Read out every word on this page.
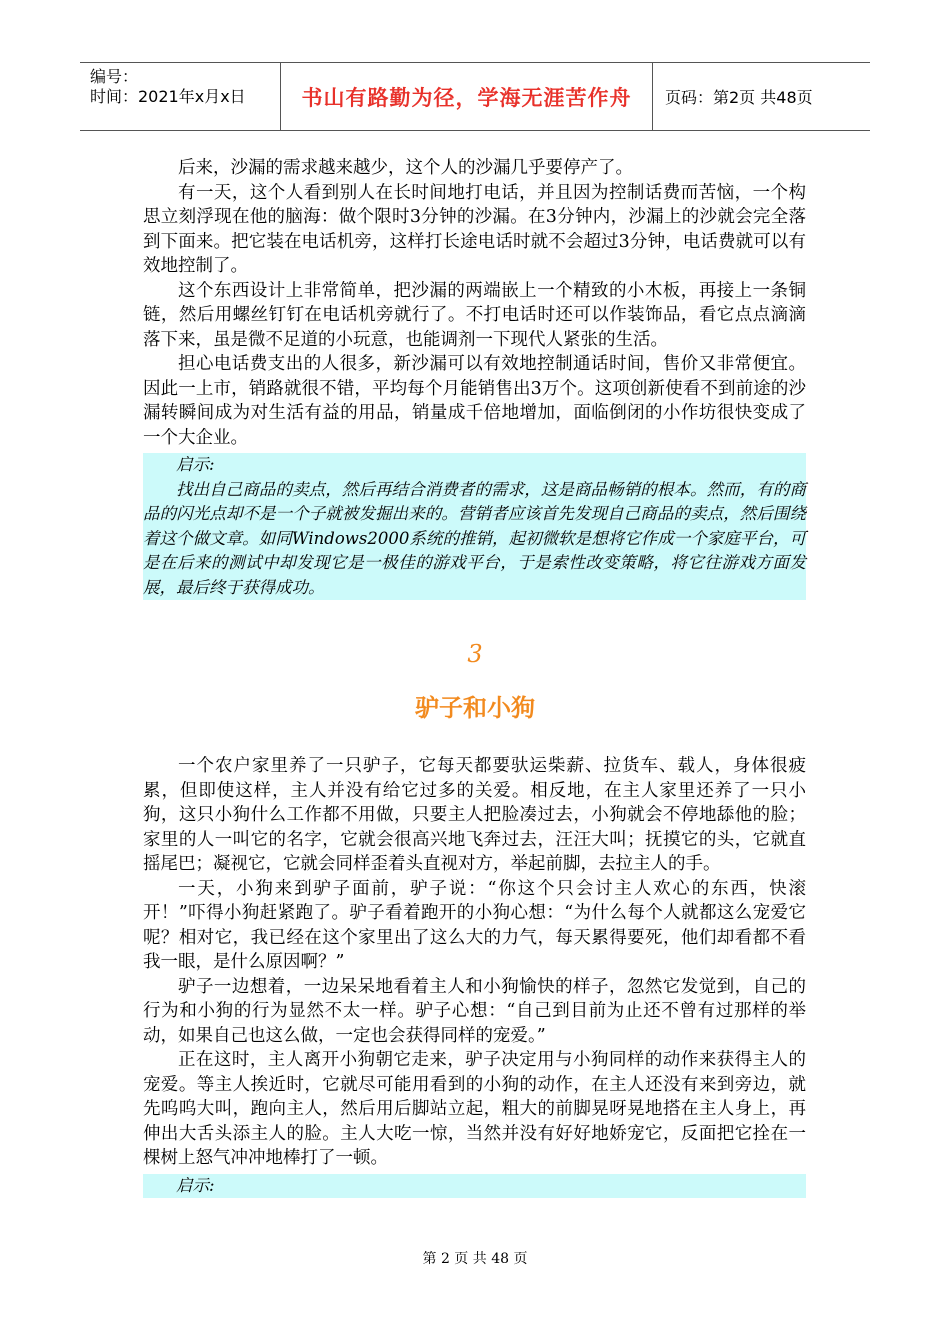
编号：
时间：2021年x月x日	书山有路勤为径，学海无涯苦作舟	页码：第2页 共48页

后来，沙漏的需求越来越少，这个人的沙漏几乎要停产了。

有一天，这个人看到别人在长时间地打电话，并且因为控制话费而苦恼，一个构思立刻浮现在他的脑海：做个限时3分钟的沙漏。在3分钟内，沙漏上的沙就会完全落到下面来。把它装在电话机旁，这样打长途电话时就不会超过3分钟，电话费就可以有效地控制了。

这个东西设计上非常简单，把沙漏的两端嵌上一个精致的小木板，再接上一条铜链，然后用螺丝钉钉在电话机旁就行了。不打电话时还可以作装饰品，看它点点滴滴落下来，虽是微不足道的小玩意，也能调剂一下现代人紧张的生活。

担心电话费支出的人很多，新沙漏可以有效地控制通话时间，售价又非常便宜。因此一上市，销路就很不错，平均每个月能销售出3万个。这项创新使看不到前途的沙漏转瞬间成为对生活有益的用品，销量成千倍地增加，面临倒闭的小作坊很快变成了一个大企业。

启示:

找出自己商品的卖点，然后再结合消费者的需求，这是商品畅销的根本。然而，有的商品的闪光点却不是一个子就被发掘出来的。营销者应该首先发现自己商品的卖点，然后围绕着这个做文章。如同Windows2000系统的推销，起初微软是想将它作成一个家庭平台，可是在后来的测试中却发现它是一极佳的游戏平台，于是索性改变策略，将它往游戏方面发展，最后终于获得成功。

3
驴子和小狗

一个农户家里养了一只驴子，它每天都要驮运柴薪、拉货车、载人，身体很疲累，但即使这样，主人并没有给它过多的关爱。相反地，在主人家里还养了一只小狗，这只小狗什么工作都不用做，只要主人把脸凑过去，小狗就会不停地舔他的脸；家里的人一叫它的名字，它就会很高兴地飞奔过去，汪汪大叫；抚摸它的头，它就直摇尾巴；凝视它，它就会同样歪着头直视对方，举起前脚，去拉主人的手。

一天，小狗来到驴子面前，驴子说：“你这个只会讨主人欢心的东西，快滚开！”吓得小狗赶紧跑了。驴子看着跑开的小狗心想：“为什么每个人就都这么宠爱它呢？相对它，我已经在这个家里出了这么大的力气，每天累得要死，他们却看都不看我一眼，是什么原因啊？”

驴子一边想着，一边呆呆地看着主人和小狗愉快的样子，忽然它发觉到，自己的行为和小狗的行为显然不太一样。驴子心想：“自己到目前为止还不曾有过那样的举动，如果自己也这么做，一定也会获得同样的宠爱。”

正在这时，主人离开小狗朝它走来，驴子决定用与小狗同样的动作来获得主人的宠爱。等主人挨近时，它就尽可能用看到的小狗的动作，在主人还没有来到旁边，就先呜呜大叫，跑向主人，然后用后脚站立起，粗大的前脚晃呀晃地搭在主人身上，再伸出大舌头添主人的脸。主人大吃一惊，当然并没有好好地娇宠它，反面把它拴在一棵树上怒气冲冲地棒打了一顿。

启示:

第 2 页 共 48 页
